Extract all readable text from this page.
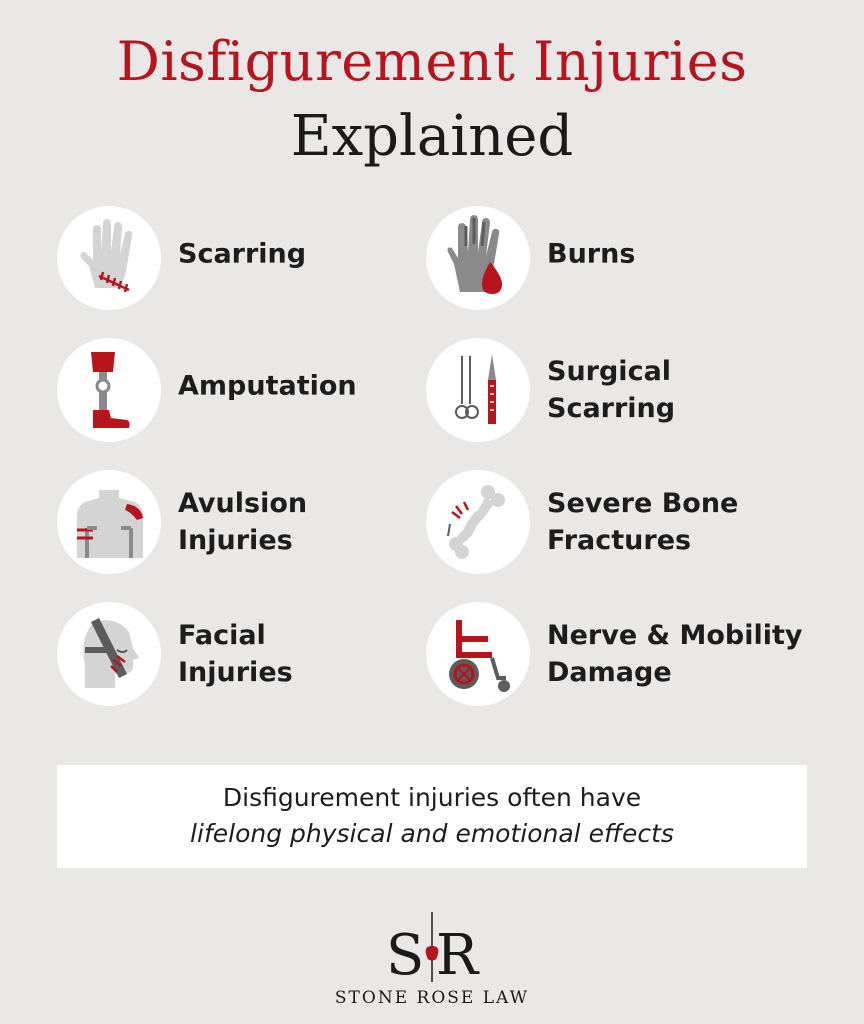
Disfigurement Injuries
Explained
Scarring	Burns
Amputation	Surgical
Scarring
Avulsion
Injuries
Severe Bone
Fractures
Facial
Injuries
Nerve & Mobility
Damage
Disfigurement injuries often have
lifelong physical and emotional effects
S R
STONE ROSE LAW
